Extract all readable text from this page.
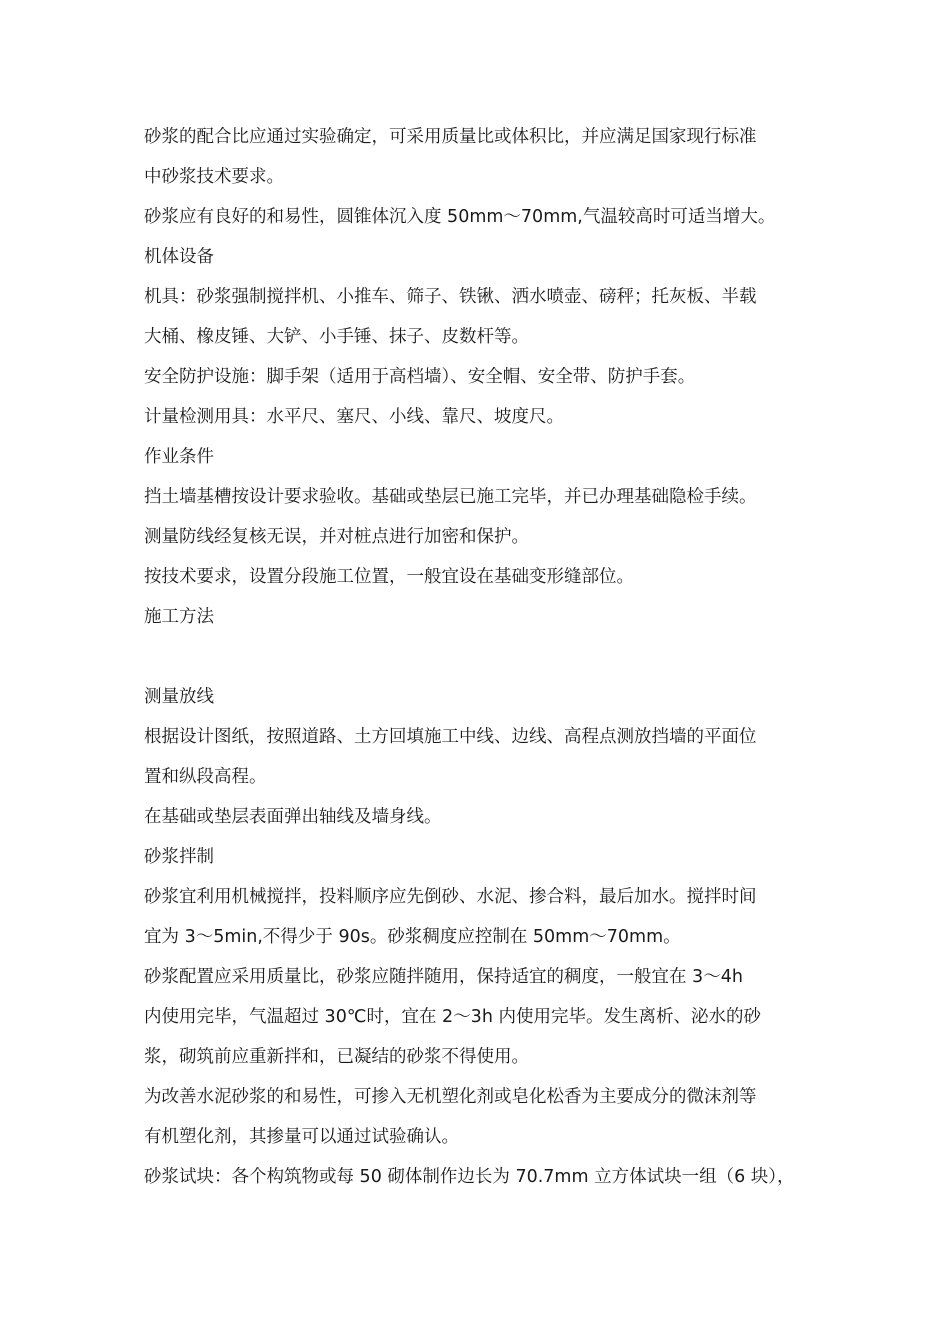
砂浆的配合比应通过实验确定，可采用质量比或体积比，并应满足国家现行标准
中砂浆技术要求。
砂浆应有良好的和易性，圆锥体沉入度 50mm～70mm,气温较高时可适当增大。
机体设备
机具：砂浆强制搅拌机、小推车、筛子、铁锹、洒水喷壶、磅秤；托灰板、半载
大桶、橡皮锤、大铲、小手锤、抹子、皮数杆等。
安全防护设施：脚手架（适用于高档墙）、安全帽、安全带、防护手套。
计量检测用具：水平尺、塞尺、小线、靠尺、坡度尺。
作业条件
挡土墙基槽按设计要求验收。基础或垫层已施工完毕，并已办理基础隐检手续。
测量防线经复核无误，并对桩点进行加密和保护。
按技术要求，设置分段施工位置，一般宜设在基础变形缝部位。
施工方法
测量放线
根据设计图纸，按照道路、土方回填施工中线、边线、高程点测放挡墙的平面位
置和纵段高程。
在基础或垫层表面弹出轴线及墙身线。
砂浆拌制
砂浆宜利用机械搅拌，投料顺序应先倒砂、水泥、掺合料，最后加水。搅拌时间
宜为 3～5min,不得少于 90s。砂浆稠度应控制在 50mm～70mm。
砂浆配置应采用质量比，砂浆应随拌随用，保持适宜的稠度，一般宜在 3～4h
内使用完毕，气温超过 30℃时，宜在 2～3h 内使用完毕。发生离析、泌水的砂
浆，砌筑前应重新拌和，已凝结的砂浆不得使用。
为改善水泥砂浆的和易性，可掺入无机塑化剂或皂化松香为主要成分的微沫剂等
有机塑化剂，其掺量可以通过试验确认。
砂浆试块：各个构筑物或每 50 砌体制作边长为 70.7mm 立方体试块一组（6 块），
